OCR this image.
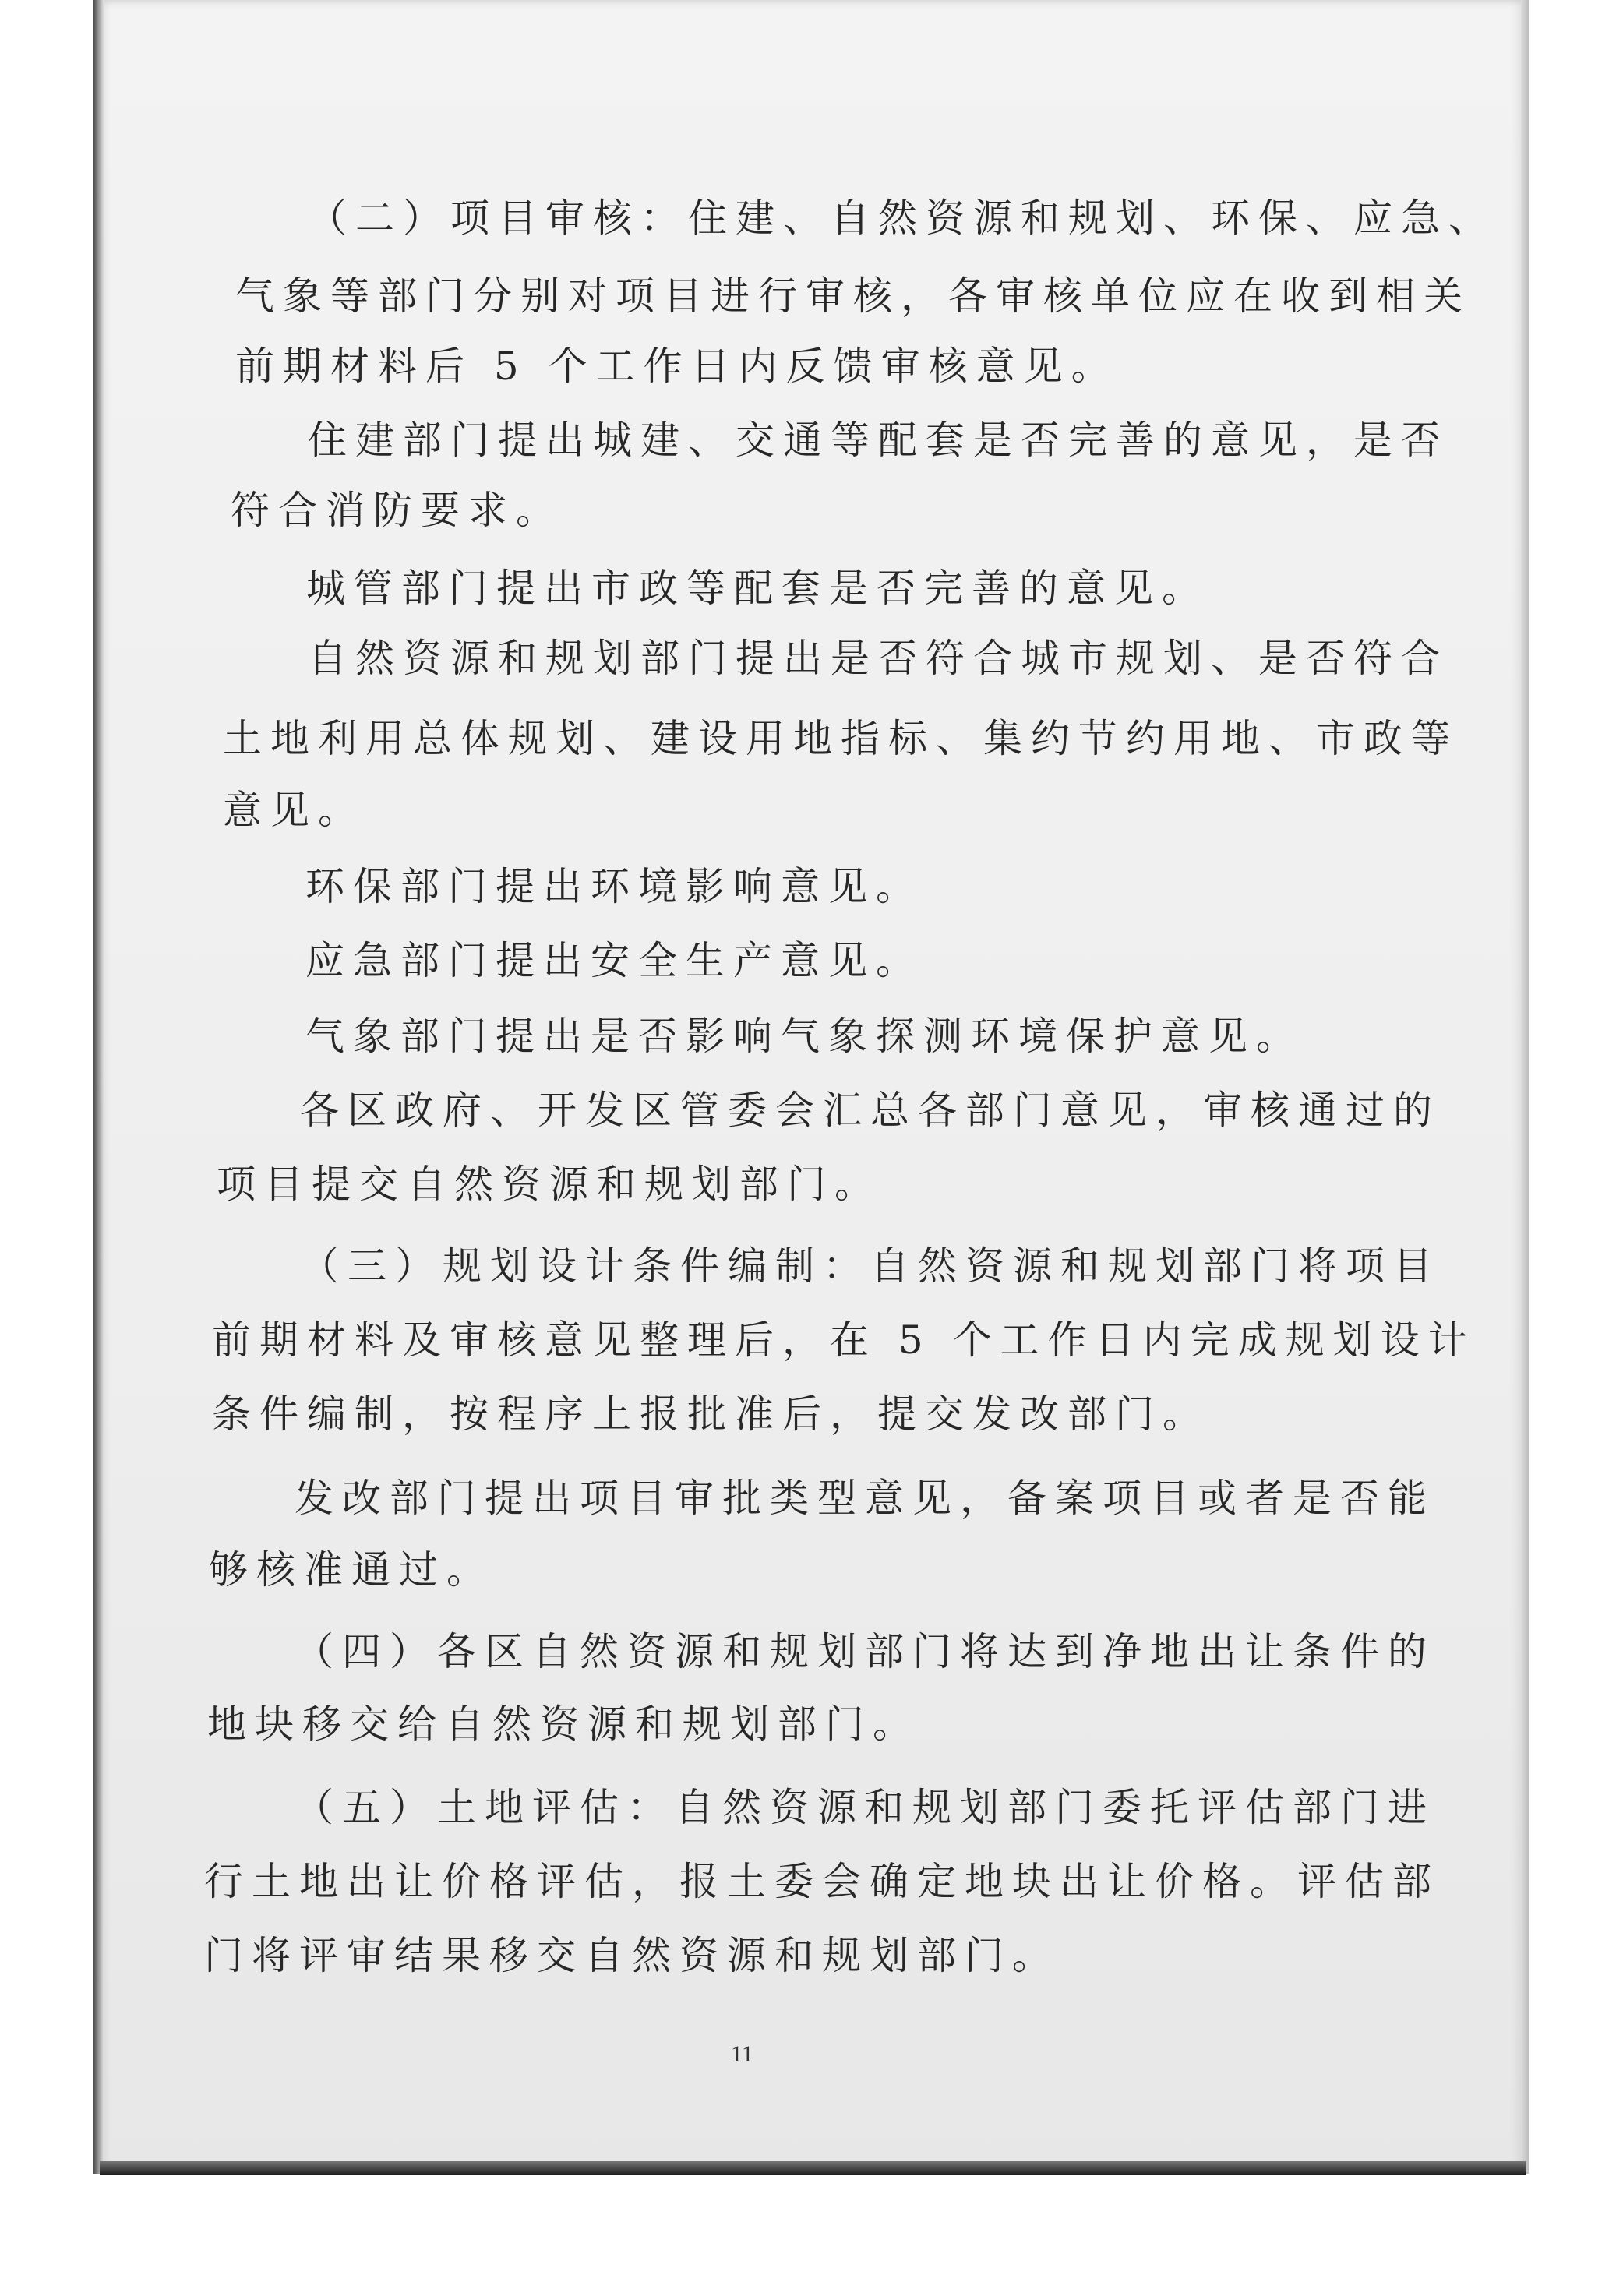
（二）项目审核：住建、自然资源和规划、环保、应急、
气象等部门分别对项目进行审核，各审核单位应在收到相关
前期材料后 5 个工作日内反馈审核意见。
住建部门提出城建、交通等配套是否完善的意见，是否
符合消防要求。
城管部门提出市政等配套是否完善的意见。
自然资源和规划部门提出是否符合城市规划、是否符合
土地利用总体规划、建设用地指标、集约节约用地、市政等
意见。
环保部门提出环境影响意见。
应急部门提出安全生产意见。
气象部门提出是否影响气象探测环境保护意见。
各区政府、开发区管委会汇总各部门意见，审核通过的
项目提交自然资源和规划部门。
（三）规划设计条件编制：自然资源和规划部门将项目
前期材料及审核意见整理后，在 5 个工作日内完成规划设计
条件编制，按程序上报批准后，提交发改部门。
发改部门提出项目审批类型意见，备案项目或者是否能
够核准通过。
（四）各区自然资源和规划部门将达到净地出让条件的
地块移交给自然资源和规划部门。
（五）土地评估：自然资源和规划部门委托评估部门进
行土地出让价格评估，报土委会确定地块出让价格。评估部
门将评审结果移交自然资源和规划部门。
11
